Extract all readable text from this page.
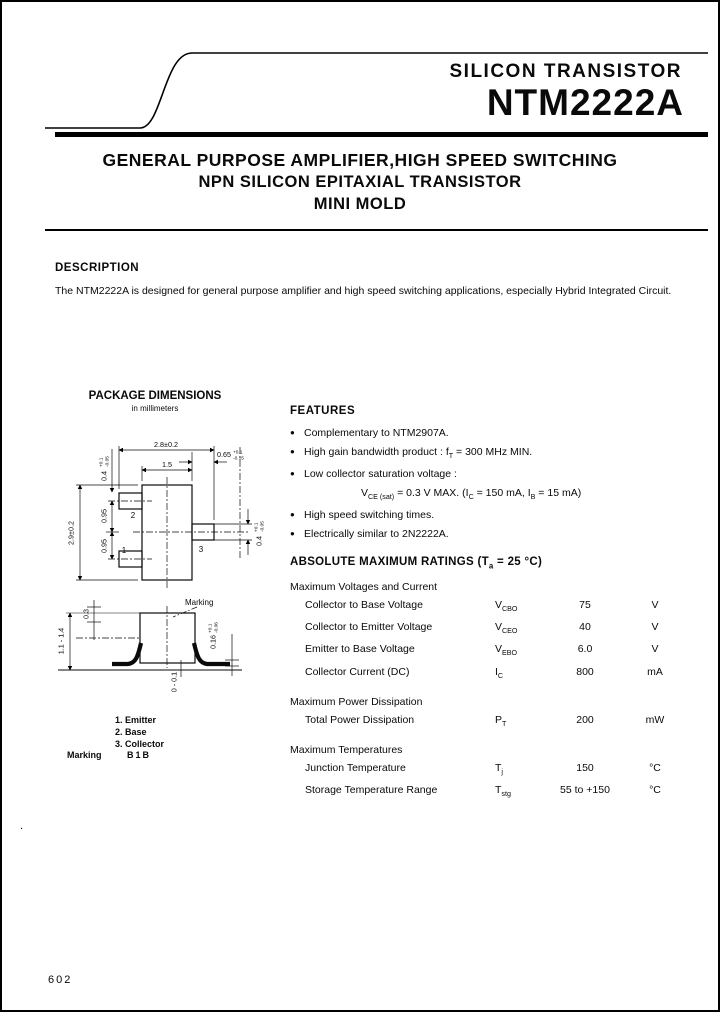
SILICON TRANSISTOR
NTM2222A
GENERAL PURPOSE AMPLIFIER,HIGH SPEED SWITCHING
NPN SILICON EPITAXIAL TRANSISTOR
MINI MOLD
DESCRIPTION
The NTM2222A is designed for general purpose amplifier and high speed switching applications, especially Hybrid Integrated Circuit.
PACKAGE DIMENSIONS
in millimeters
2.8±0.2
1.5
0.65 +0.1
-0.15
0.4
+0.1 -0.05
2.9±0.2
0.95
0.95	0.4
+0.1 -0.05
2
1	3
Marking
0.3
1.1 - 1.4	0.16
+0.1 -0.06
0 - 0.1
1. Emitter
2. Base
3. Collector
Marking	B1B
FEATURES
● Complementary to NTM2907A.
● High gain bandwidth product : $f_T = 300$ MHz MIN.
● Low collector saturation voltage :
$V_{CE (sat)} = 0.3$ V MAX. ($I_C = 150$ mA, $I_B = 15$ mA)
● High speed switching times.
● Electrically similar to 2N2222A.
ABSOLUTE MAXIMUM RATINGS ($T_a = 25$ °C)
Maximum Voltages and Current
Collector to Base Voltage	$V_{CBO}$	75	V
Collector to Emitter Voltage	$V_{CEO}$	40	V
Emitter to Base Voltage	$V_{EBO}$	6.0	V
Collector Current (DC)	$I_C$	800	mA
Maximum Power Dissipation
Total Power Dissipation	$P_T$	200	mW
Maximum Temperatures
Junction Temperature	$T_j$	150	°C
Storage Temperature Range	$T_{stg}$	55 to +150	°C
.
602
